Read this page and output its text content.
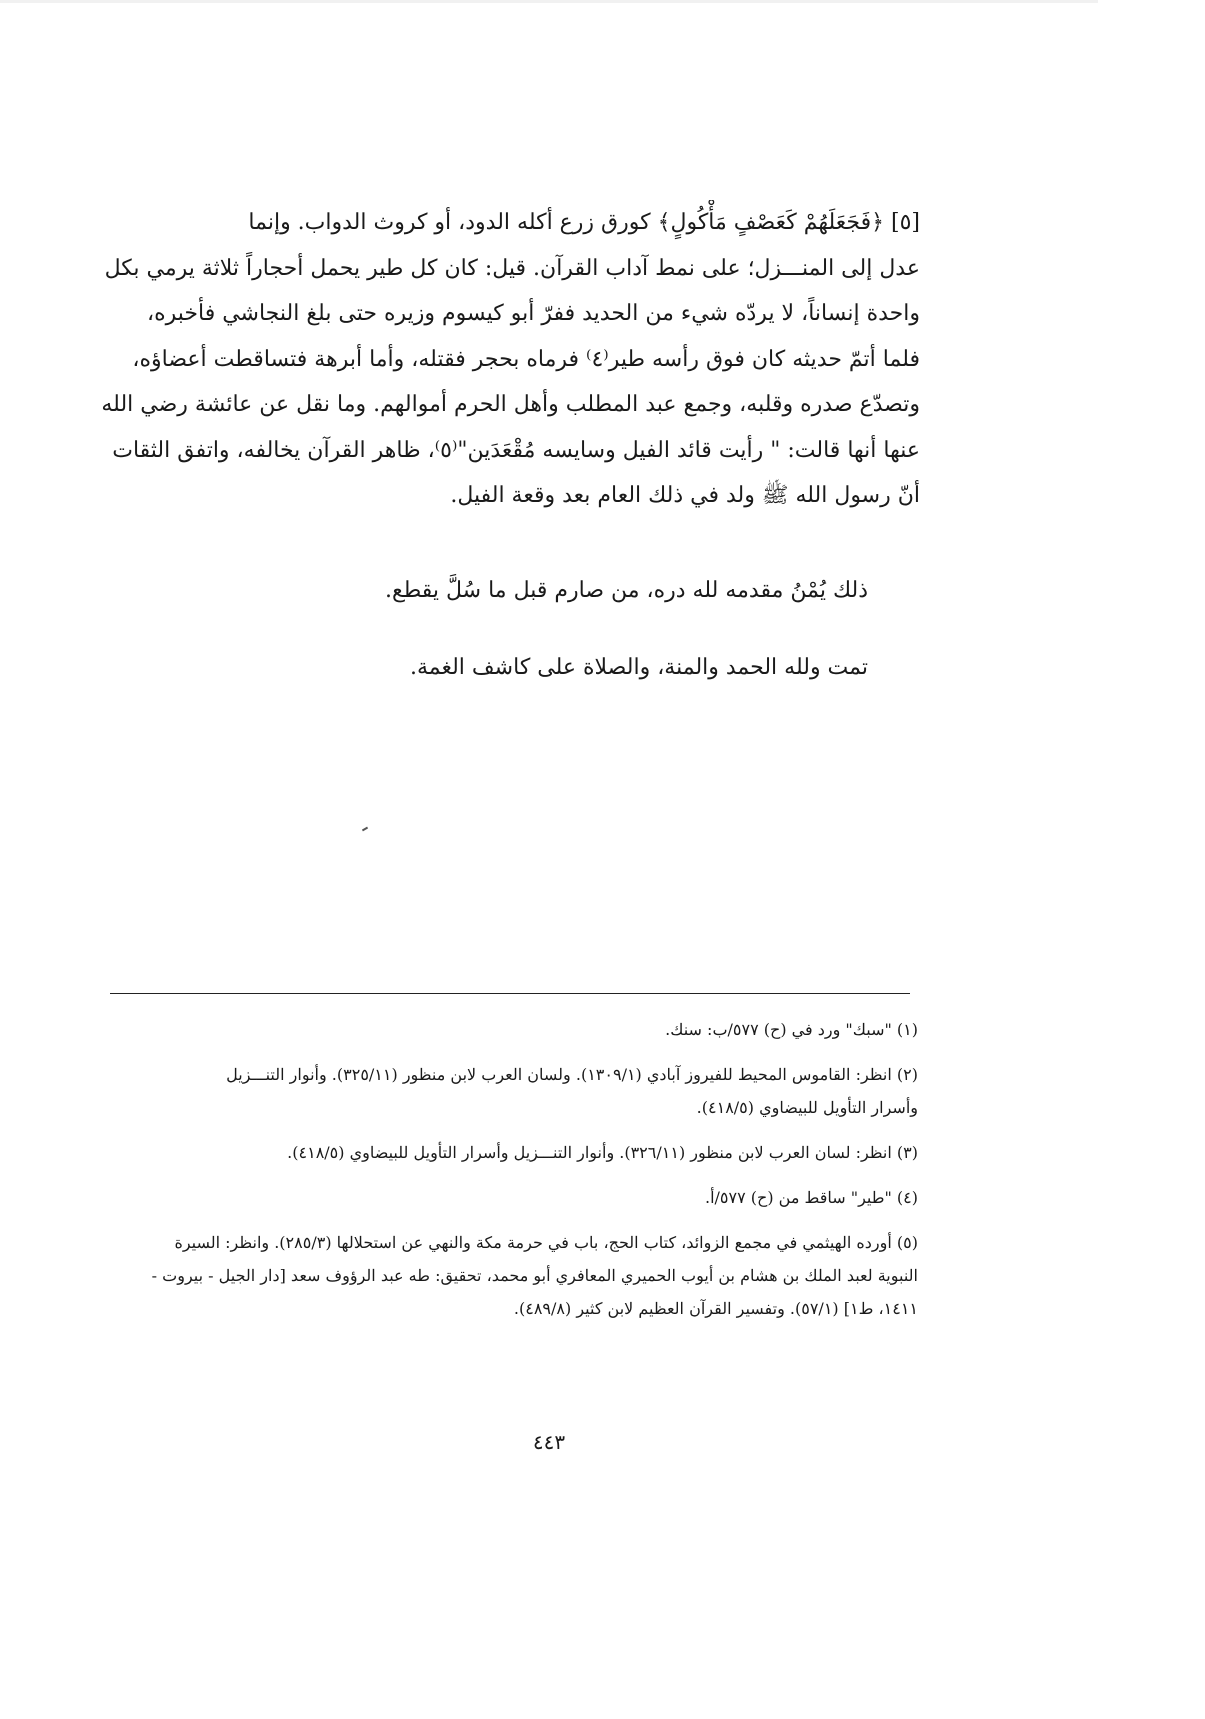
[٥] ﴿فَجَعَلَهُمْ كَعَصْفٍ مَأْكُولٍ﴾ كورق زرع أكله الدود، أو كروث الدواب. وإنما
عدل إلى المنـــزل؛ على نمط آداب القرآن. قيل: كان كل طير يحمل أحجاراً ثلاثة يرمي بكل
واحدة إنساناً، لا يردّه شيء من الحديد ففرّ أبو كيسوم وزيره حتى بلغ النجاشي فأخبره،
فلما أتمّ حديثه كان فوق رأسه طير⁽٤⁾ فرماه بحجر فقتله، وأما أبرهة فتساقطت أعضاؤه،
وتصدّع صدره وقلبه، وجمع عبد المطلب وأهل الحرم أموالهم. وما نقل عن عائشة رضي الله
عنها أنها قالت: " رأيت قائد الفيل وسايسه مُقْعَدَين"⁽٥⁾، ظاهر القرآن يخالفه، واتفق الثقات
أنّ رسول الله ﷺ ولد في ذلك العام بعد وقعة الفيل.
ذلك يُمْنُ مقدمه لله دره، من صارم قبل ما سُلَّ يقطع.
تمت ولله الحمد والمنة، والصلاة على كاشف الغمة.
(١) "سبك" ورد في (ح) ٥٧٧/ب: سنك.
(٢) انظر: القاموس المحيط للفيروز آبادي (١٣٠٩/١). ولسان العرب لابن منظور (٣٢٥/١١). وأنوار التنـــزيل
وأسرار التأويل للبيضاوي (٤١٨/٥).
(٣) انظر: لسان العرب لابن منظور (٣٢٦/١١). وأنوار التنـــزيل وأسرار التأويل للبيضاوي (٤١٨/٥).
(٤) "طير" ساقط من (ح) ٥٧٧/أ.
(٥) أورده الهيثمي في مجمع الزوائد، كتاب الحج، باب في حرمة مكة والنهي عن استحلالها (٢٨٥/٣). وانظر: السيرة
النبوية لعبد الملك بن هشام بن أيوب الحميري المعافري أبو محمد، تحقيق: طه عبد الرؤوف سعد [دار الجيل - بيروت -
١٤١١، ط١] (٥٧/١). وتفسير القرآن العظيم لابن كثير (٤٨٩/٨).
٤٤٣
